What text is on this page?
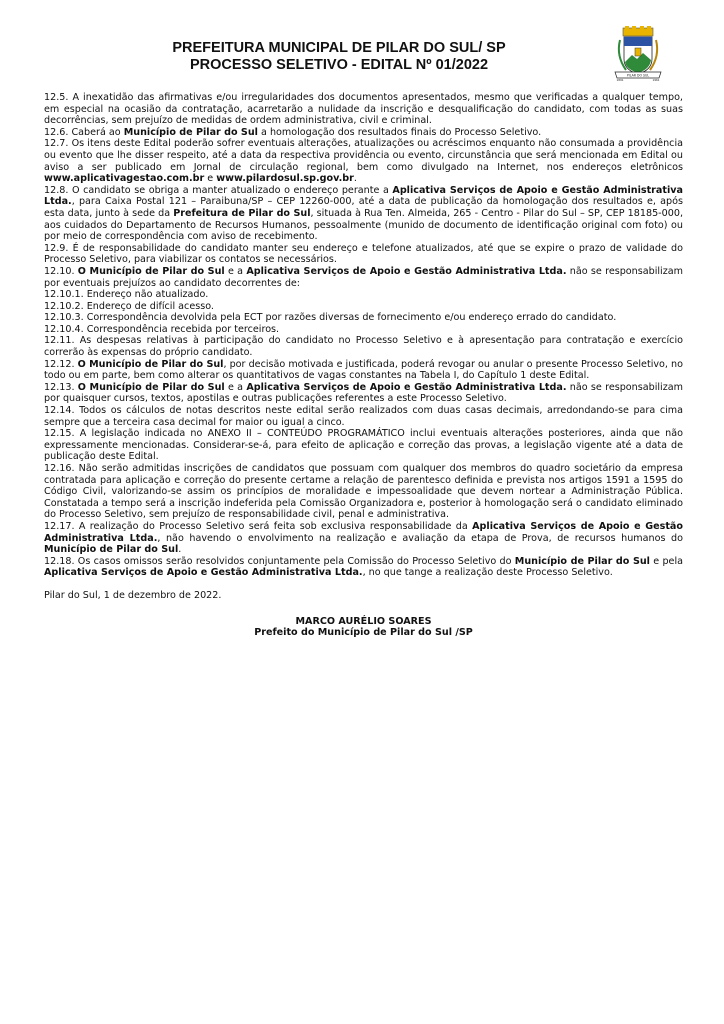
PREFEITURA MUNICIPAL DE PILAR DO SUL/ SP
PROCESSO SELETIVO - EDITAL Nº 01/2022
PILAR DO SUL
1891	1961

12.5. A inexatidão das afirmativas e/ou irregularidades dos documentos apresentados, mesmo que verificadas a qualquer tempo, em especial na ocasião da contratação, acarretarão a nulidade da inscrição e desqualificação do candidato, com todas as suas decorrências, sem prejuízo de medidas de ordem administrativa, civil e criminal.

12.6. Caberá ao Município de Pilar do Sul a homologação dos resultados finais do Processo Seletivo.

12.7. Os itens deste Edital poderão sofrer eventuais alterações, atualizações ou acréscimos enquanto não consumada a providência ou evento que lhe disser respeito, até a data da respectiva providência ou evento, circunstância que será mencionada em Edital ou aviso a ser publicado em Jornal de circulação regional, bem como divulgado na Internet, nos endereços eletrônicos www.aplicativagestao.com.br e www.pilardosul.sp.gov.br.

12.8. O candidato se obriga a manter atualizado o endereço perante a Aplicativa Serviços de Apoio e Gestão Administrativa Ltda., para Caixa Postal 121 – Paraibuna/SP – CEP 12260-000, até a data de publicação da homologação dos resultados e, após esta data, junto à sede da Prefeitura de Pilar do Sul, situada à Rua Ten. Almeida, 265 - Centro - Pilar do Sul – SP, CEP 18185-000, aos cuidados do Departamento de Recursos Humanos, pessoalmente (munido de documento de identificação original com foto) ou por meio de correspondência com aviso de recebimento.

12.9. É de responsabilidade do candidato manter seu endereço e telefone atualizados, até que se expire o prazo de validade do Processo Seletivo, para viabilizar os contatos se necessários.

12.10. O Município de Pilar do Sul e a Aplicativa Serviços de Apoio e Gestão Administrativa Ltda. não se responsabilizam por eventuais prejuízos ao candidato decorrentes de:

12.10.1. Endereço não atualizado.

12.10.2. Endereço de difícil acesso.

12.10.3. Correspondência devolvida pela ECT por razões diversas de fornecimento e/ou endereço errado do candidato.

12.10.4. Correspondência recebida por terceiros.

12.11. As despesas relativas à participação do candidato no Processo Seletivo e à apresentação para contratação e exercício correrão às expensas do próprio candidato.

12.12. O Município de Pilar do Sul, por decisão motivada e justificada, poderá revogar ou anular o presente Processo Seletivo, no todo ou em parte, bem como alterar os quantitativos de vagas constantes na Tabela I, do Capítulo 1 deste Edital.

12.13. O Município de Pilar do Sul e a Aplicativa Serviços de Apoio e Gestão Administrativa Ltda. não se responsabilizam por quaisquer cursos, textos, apostilas e outras publicações referentes a este Processo Seletivo.

12.14. Todos os cálculos de notas descritos neste edital serão realizados com duas casas decimais, arredondando-se para cima sempre que a terceira casa decimal for maior ou igual a cinco.

12.15. A legislação indicada no ANEXO II – CONTEÚDO PROGRAMÁTICO inclui eventuais alterações posteriores, ainda que não expressamente mencionadas. Considerar-se-á, para efeito de aplicação e correção das provas, a legislação vigente até a data de publicação deste Edital.

12.16. Não serão admitidas inscrições de candidatos que possuam com qualquer dos membros do quadro societário da empresa contratada para aplicação e correção do presente certame a relação de parentesco definida e prevista nos artigos 1591 a 1595 do Código Civil, valorizando-se assim os princípios de moralidade e impessoalidade que devem nortear a Administração Pública. Constatada a tempo será a inscrição indeferida pela Comissão Organizadora e, posterior à homologação será o candidato eliminado do Processo Seletivo, sem prejuízo de responsabilidade civil, penal e administrativa.

12.17. A realização do Processo Seletivo será feita sob exclusiva responsabilidade da Aplicativa Serviços de Apoio e Gestão Administrativa Ltda., não havendo o envolvimento na realização e avaliação da etapa de Prova, de recursos humanos do Município de Pilar do Sul.

12.18. Os casos omissos serão resolvidos conjuntamente pela Comissão do Processo Seletivo do Município de Pilar do Sul e pela Aplicativa Serviços de Apoio e Gestão Administrativa Ltda., no que tange a realização deste Processo Seletivo.

Pilar do Sul, 1 de dezembro de 2022.

MARCO AURÉLIO SOARES
Prefeito do Município de Pilar do Sul /SP
